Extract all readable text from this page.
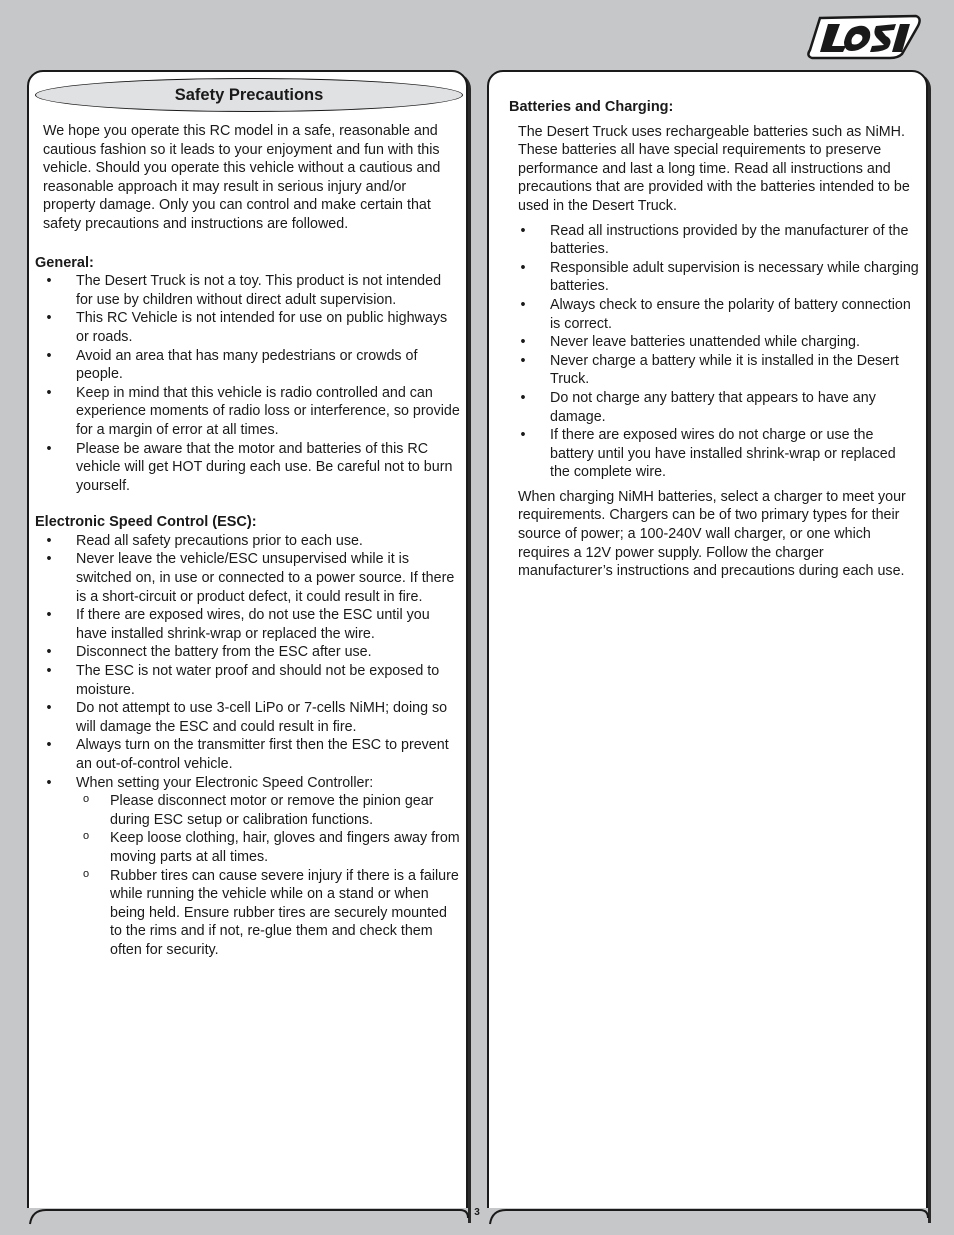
Safety Precautions

We hope you operate this RC model in a safe, reasonable and cautious fashion so it leads to your enjoyment and fun with this vehicle. Should you operate this vehicle without a cautious and reasonable approach it may result in serious injury and/or property damage. Only you can control and make certain that safety precautions and instructions are followed.

General:
• The Desert Truck is not a toy. This product is not intended for use by children without direct adult supervision.
• This RC Vehicle is not intended for use on public highways or roads.
• Avoid an area that has many pedestrians or crowds of people.
• Keep in mind that this vehicle is radio controlled and can experience moments of radio loss or interference, so provide for a margin of error at all times.
• Please be aware that the motor and batteries of this RC vehicle will get HOT during each use. Be careful not to burn yourself.
Electronic Speed Control (ESC):
• Read all safety precautions prior to each use.
• Never leave the vehicle/ESC unsupervised while it is switched on, in use or connected to a power source. If there is a short-circuit or product defect, it could result in fire.
• If there are exposed wires, do not use the ESC until you have installed shrink-wrap or replaced the wire.
• Disconnect the battery from the ESC after use.
• The ESC is not water proof and should not be exposed to moisture.
• Do not attempt to use 3-cell LiPo or 7-cells NiMH; doing so will damage the ESC and could result in fire.
• Always turn on the transmitter first then the ESC to prevent an out-of-control vehicle.
• When setting your Electronic Speed Controller:
o Please disconnect motor or remove the pinion gear during ESC setup or calibration functions.
o Keep loose clothing, hair, gloves and fingers away from moving parts at all times.
o Rubber tires can cause severe injury if there is a failure while running the vehicle while on a stand or when being held. Ensure rubber tires are securely mounted to the rims and if not, re-glue them and check them often for security.
Batteries and Charging:

The Desert Truck uses rechargeable batteries such as NiMH. These batteries all have special requirements to preserve performance and last a long time. Read all instructions and precautions that are provided with the batteries intended to be used in the Desert Truck.

• Read all instructions provided by the manufacturer of the batteries.
• Responsible adult supervision is necessary while charging batteries.
• Always check to ensure the polarity of battery connection is correct.
• Never leave batteries unattended while charging.
• Never charge a battery while it is installed in the Desert Truck.
• Do not charge any battery that appears to have any damage.
• If there are exposed wires do not charge or use the battery until you have installed shrink-wrap or replaced the complete wire.

When charging NiMH batteries, select a charger to meet your requirements. Chargers can be of two primary types for their source of power; a 100-240V wall charger, or one which requires a 12V power supply. Follow the charger manufacturer’s instructions and precautions during each use.

3
